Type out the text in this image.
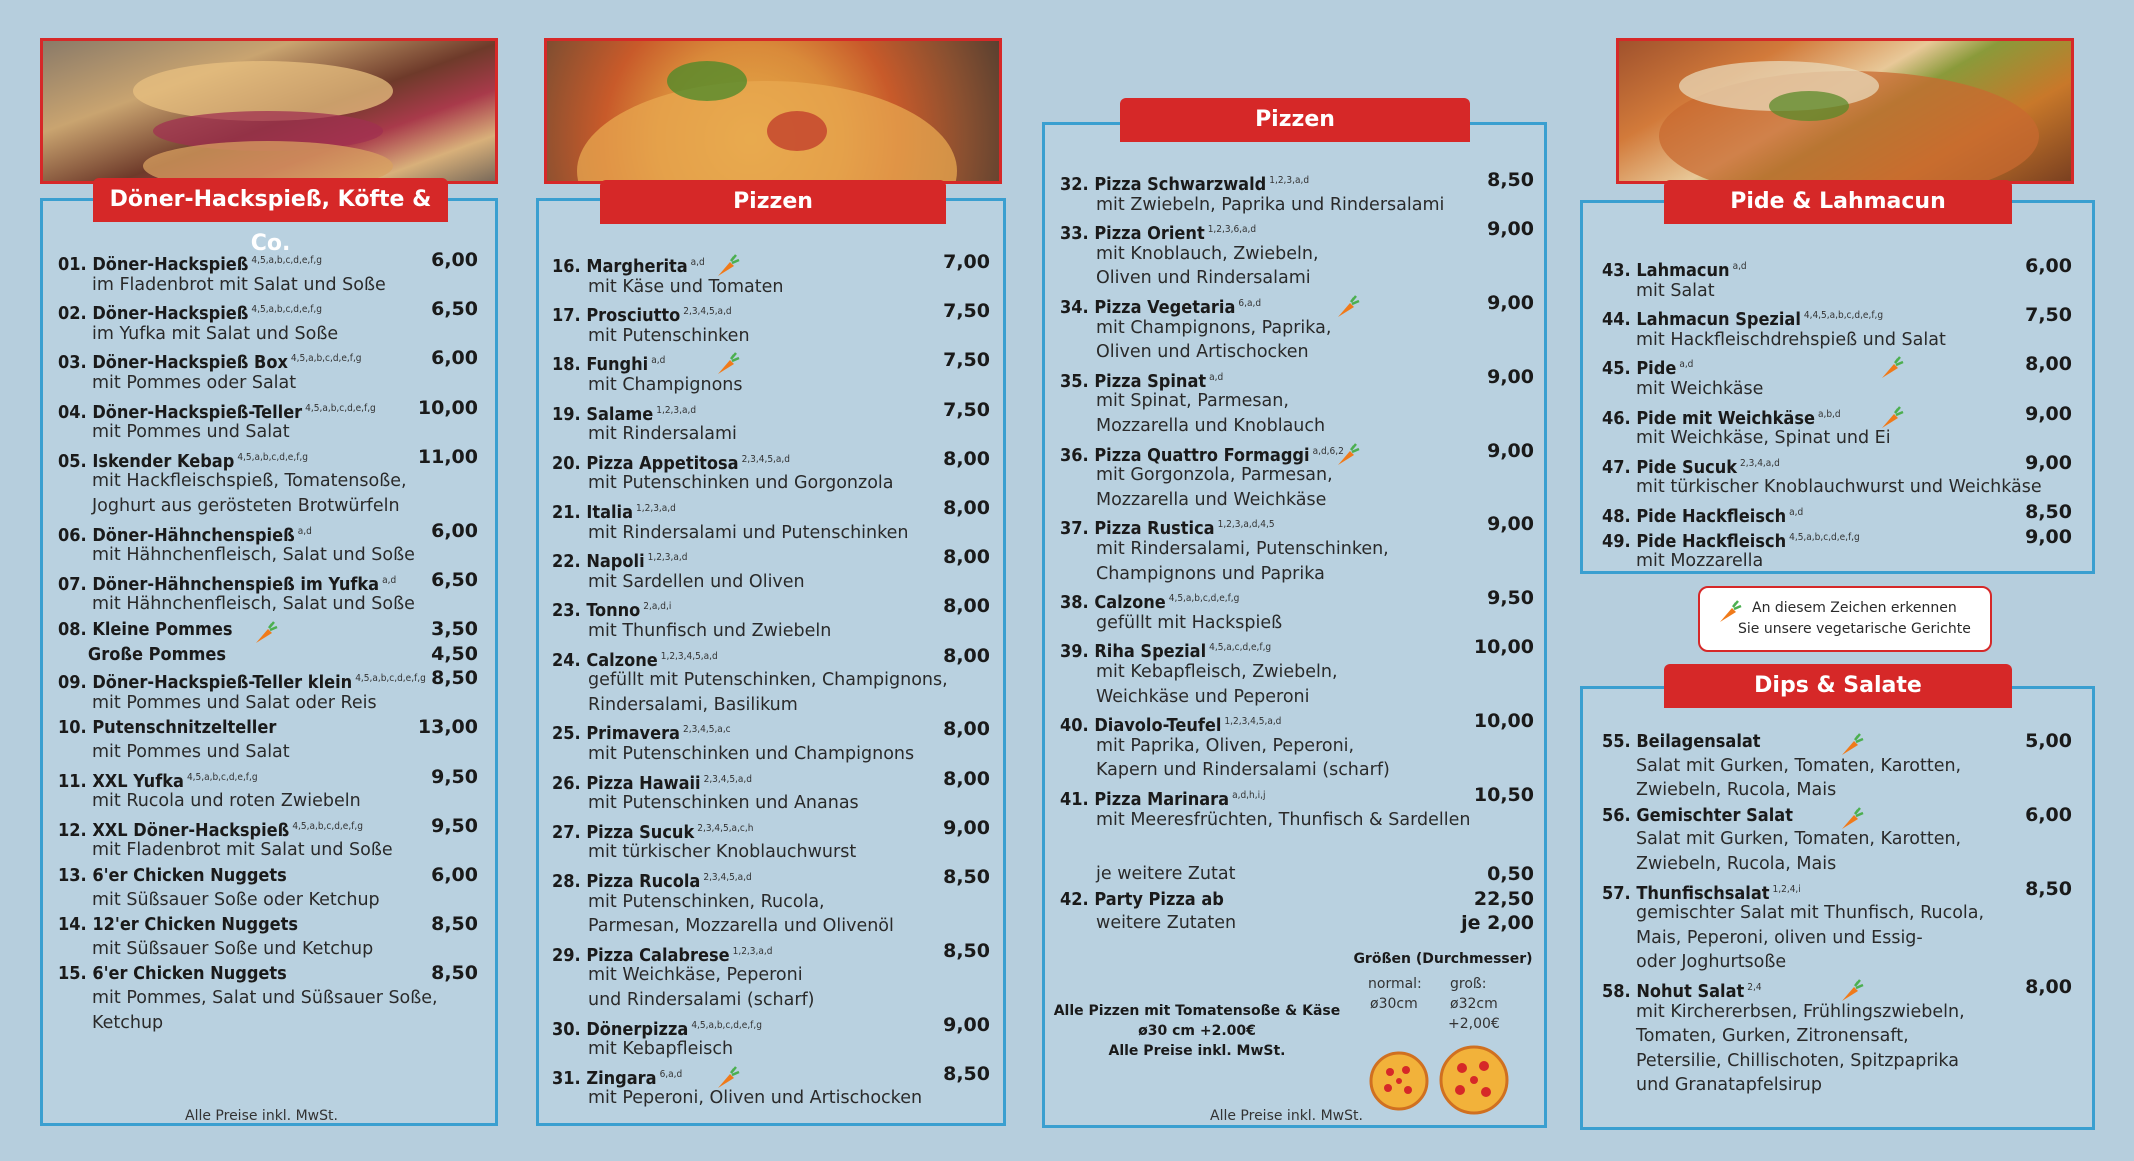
Döner-Hackspieß, Köfte & Co.
Pizzen
Pizzen
Pide & Lahmacun
An diesem Zeichen erkennen
Sie unsere vegetarische Gerichte
Dips & Salate
01. Döner-Hackspieß $^{4,5,a,b,c,d,e,f,g}$	6,00
im Fladenbrot mit Salat und Soße
02. Döner-Hackspieß $^{4,5,a,b,c,d,e,f,g}$	6,50
im Yufka mit Salat und Soße
03. Döner-Hackspieß Box $^{4,5,a,b,c,d,e,f,g}$	6,00
mit Pommes oder Salat
04. Döner-Hackspieß-Teller $^{4,5,a,b,c,d,e,f,g}$	10,00
mit Pommes und Salat
05. Iskender Kebap $^{4,5,a,b,c,d,e,f,g}$	11,00
mit Hackfleischspieß, Tomatensoße,
Joghurt aus gerösteten Brotwürfeln
06. Döner-Hähnchenspieß $^{a,d}$	6,00
mit Hähnchenfleisch, Salat und Soße
07. Döner-Hähnchenspieß im Yufka $^{a,d}$	6,50
mit Hähnchenfleisch, Salat und Soße
08. Kleine Pommes	3,50
   Große Pommes	4,50
09. Döner-Hackspieß-Teller klein $^{4,5,a,b,c,d,e,f,g}$ 8,50
mit Pommes und Salat oder Reis
10. Putenschnitzelteller	13,00
mit Pommes und Salat
11. XXL Yufka $^{4,5,a,b,c,d,e,f,g}$	9,50
mit Rucola und roten Zwiebeln
12. XXL Döner-Hackspieß $^{4,5,a,b,c,d,e,f,g}$	9,50
mit Fladenbrot mit Salat und Soße
13. 6'er Chicken Nuggets	6,00
mit Süßsauer Soße oder Ketchup
14. 12'er Chicken Nuggets	8,50
mit Süßsauer Soße und Ketchup
15. 6'er Chicken Nuggets	8,50
mit Pommes, Salat und Süßsauer Soße,
Ketchup
16. Margherita $^{a,d}$	7,00
mit Käse und Tomaten
17. Prosciutto $^{2,3,4,5,a,d}$	7,50
mit Putenschinken
18. Funghi $^{a,d}$	7,50
mit Champignons
19. Salame $^{1,2,3,a,d}$	7,50
mit Rindersalami
20. Pizza Appetitosa $^{2,3,4,5,a,d}$	8,00
mit Putenschinken und Gorgonzola
21. Italia $^{1,2,3,a,d}$	8,00
mit Rindersalami und Putenschinken
22. Napoli $^{1,2,3,a,d}$	8,00
mit Sardellen und Oliven
23. Tonno $^{2,a,d,i}$	8,00
mit Thunfisch und Zwiebeln
24. Calzone $^{1,2,3,4,5,a,d}$	8,00
gefüllt mit Putenschinken, Champignons,
Rindersalami, Basilikum
25. Primavera $^{2,3,4,5,a,c}$	8,00
mit Putenschinken und Champignons
26. Pizza Hawaii $^{2,3,4,5,a,d}$	8,00
mit Putenschinken und Ananas
27. Pizza Sucuk $^{2,3,4,5,a,c,h}$	9,00
mit türkischer Knoblauchwurst
28. Pizza Rucola $^{2,3,4,5,a,d}$	8,50
mit Putenschinken, Rucola,
Parmesan, Mozzarella und Olivenöl
29. Pizza Calabrese $^{1,2,3,a,d}$	8,50
mit Weichkäse, Peperoni
und Rindersalami (scharf)
30. Dönerpizza $^{4,5,a,b,c,d,e,f,g}$	9,00
mit Kebapfleisch
31. Zingara $^{6,a,d}$	8,50
mit Peperoni, Oliven und Artischocken
32. Pizza Schwarzwald $^{1,2,3,a,d}$	8,50
mit Zwiebeln, Paprika und Rindersalami
33. Pizza Orient $^{1,2,3,6,a,d}$	9,00
mit Knoblauch, Zwiebeln,
Oliven und Rindersalami
34. Pizza Vegetaria $^{6,a,d}$	9,00
mit Champignons, Paprika,
Oliven und Artischocken
35. Pizza Spinat $^{a,d}$	9,00
mit Spinat, Parmesan,
Mozzarella und Knoblauch
36. Pizza Quattro Formaggi $^{a,d,6,2}$	9,00
mit Gorgonzola, Parmesan,
Mozzarella und Weichkäse
37. Pizza Rustica $^{1,2,3,a,d,4,5}$	9,00
mit Rindersalami, Putenschinken,
Champignons und Paprika
38. Calzone $^{4,5,a,b,c,d,e,f,g}$	9,50
gefüllt mit Hackspieß
39. Riha Spezial $^{4,5,a,c,d,e,f,g}$	10,00
mit Kebapfleisch, Zwiebeln,
Weichkäse und Peperoni
40. Diavolo-Teufel $^{1,2,3,4,5,a,d}$	10,00
mit Paprika, Oliven, Peperoni,
Kapern und Rindersalami (scharf)
41. Pizza Marinara $^{a,d,h,i,j}$	10,50
mit Meeresfrüchten, Thunfisch & Sardellen
43. Lahmacun $^{a,d}$	6,00
mit Salat
44. Lahmacun Spezial $^{4,4,5,a,b,c,d,e,f,g}$	7,50
mit Hackfleischdrehspieß und Salat
45. Pide $^{a,d}$	8,00
mit Weichkäse
46. Pide mit Weichkäse $^{a,b,d}$	9,00
mit Weichkäse, Spinat und Ei
47. Pide Sucuk $^{2,3,4,a,d}$	9,00
mit türkischer Knoblauchwurst und Weichkäse
48. Pide Hackfleisch $^{a,d}$	8,50
49. Pide Hackfleisch $^{4,5,a,b,c,d,e,f,g}$	9,00
mit Mozzarella
55. Beilagensalat	5,00
Salat mit Gurken, Tomaten, Karotten,
Zwiebeln, Rucola, Mais
56. Gemischter Salat	6,00
Salat mit Gurken, Tomaten, Karotten,
Zwiebeln, Rucola, Mais
57. Thunfischsalat $^{1,2,4,i}$	8,50
gemischter Salat mit Thunfisch, Rucola,
Mais, Peperoni, oliven und Essig-
oder Joghurtsoße
58. Nohut Salat $^{2,4}$	8,00
mit Kirchererbsen, Frühlingszwiebeln,
Tomaten, Gurken, Zitronensaft,
Petersilie, Chillischoten, Spitzpaprika
und Granatapfelsirup
je weitere Zutat	0,50
42. Party Pizza ab	22,50
weitere Zutaten	je 2,00
Größen (Durchmesser)
normal:
ø30cm
groß:
ø32cm
+2,00€
Alle Pizzen mit Tomatensoße & Käse
ø30 cm +2.00€
Alle Preise inkl. MwSt.
Alle Preise inkl. MwSt.	Alle Preise inkl. MwSt.
